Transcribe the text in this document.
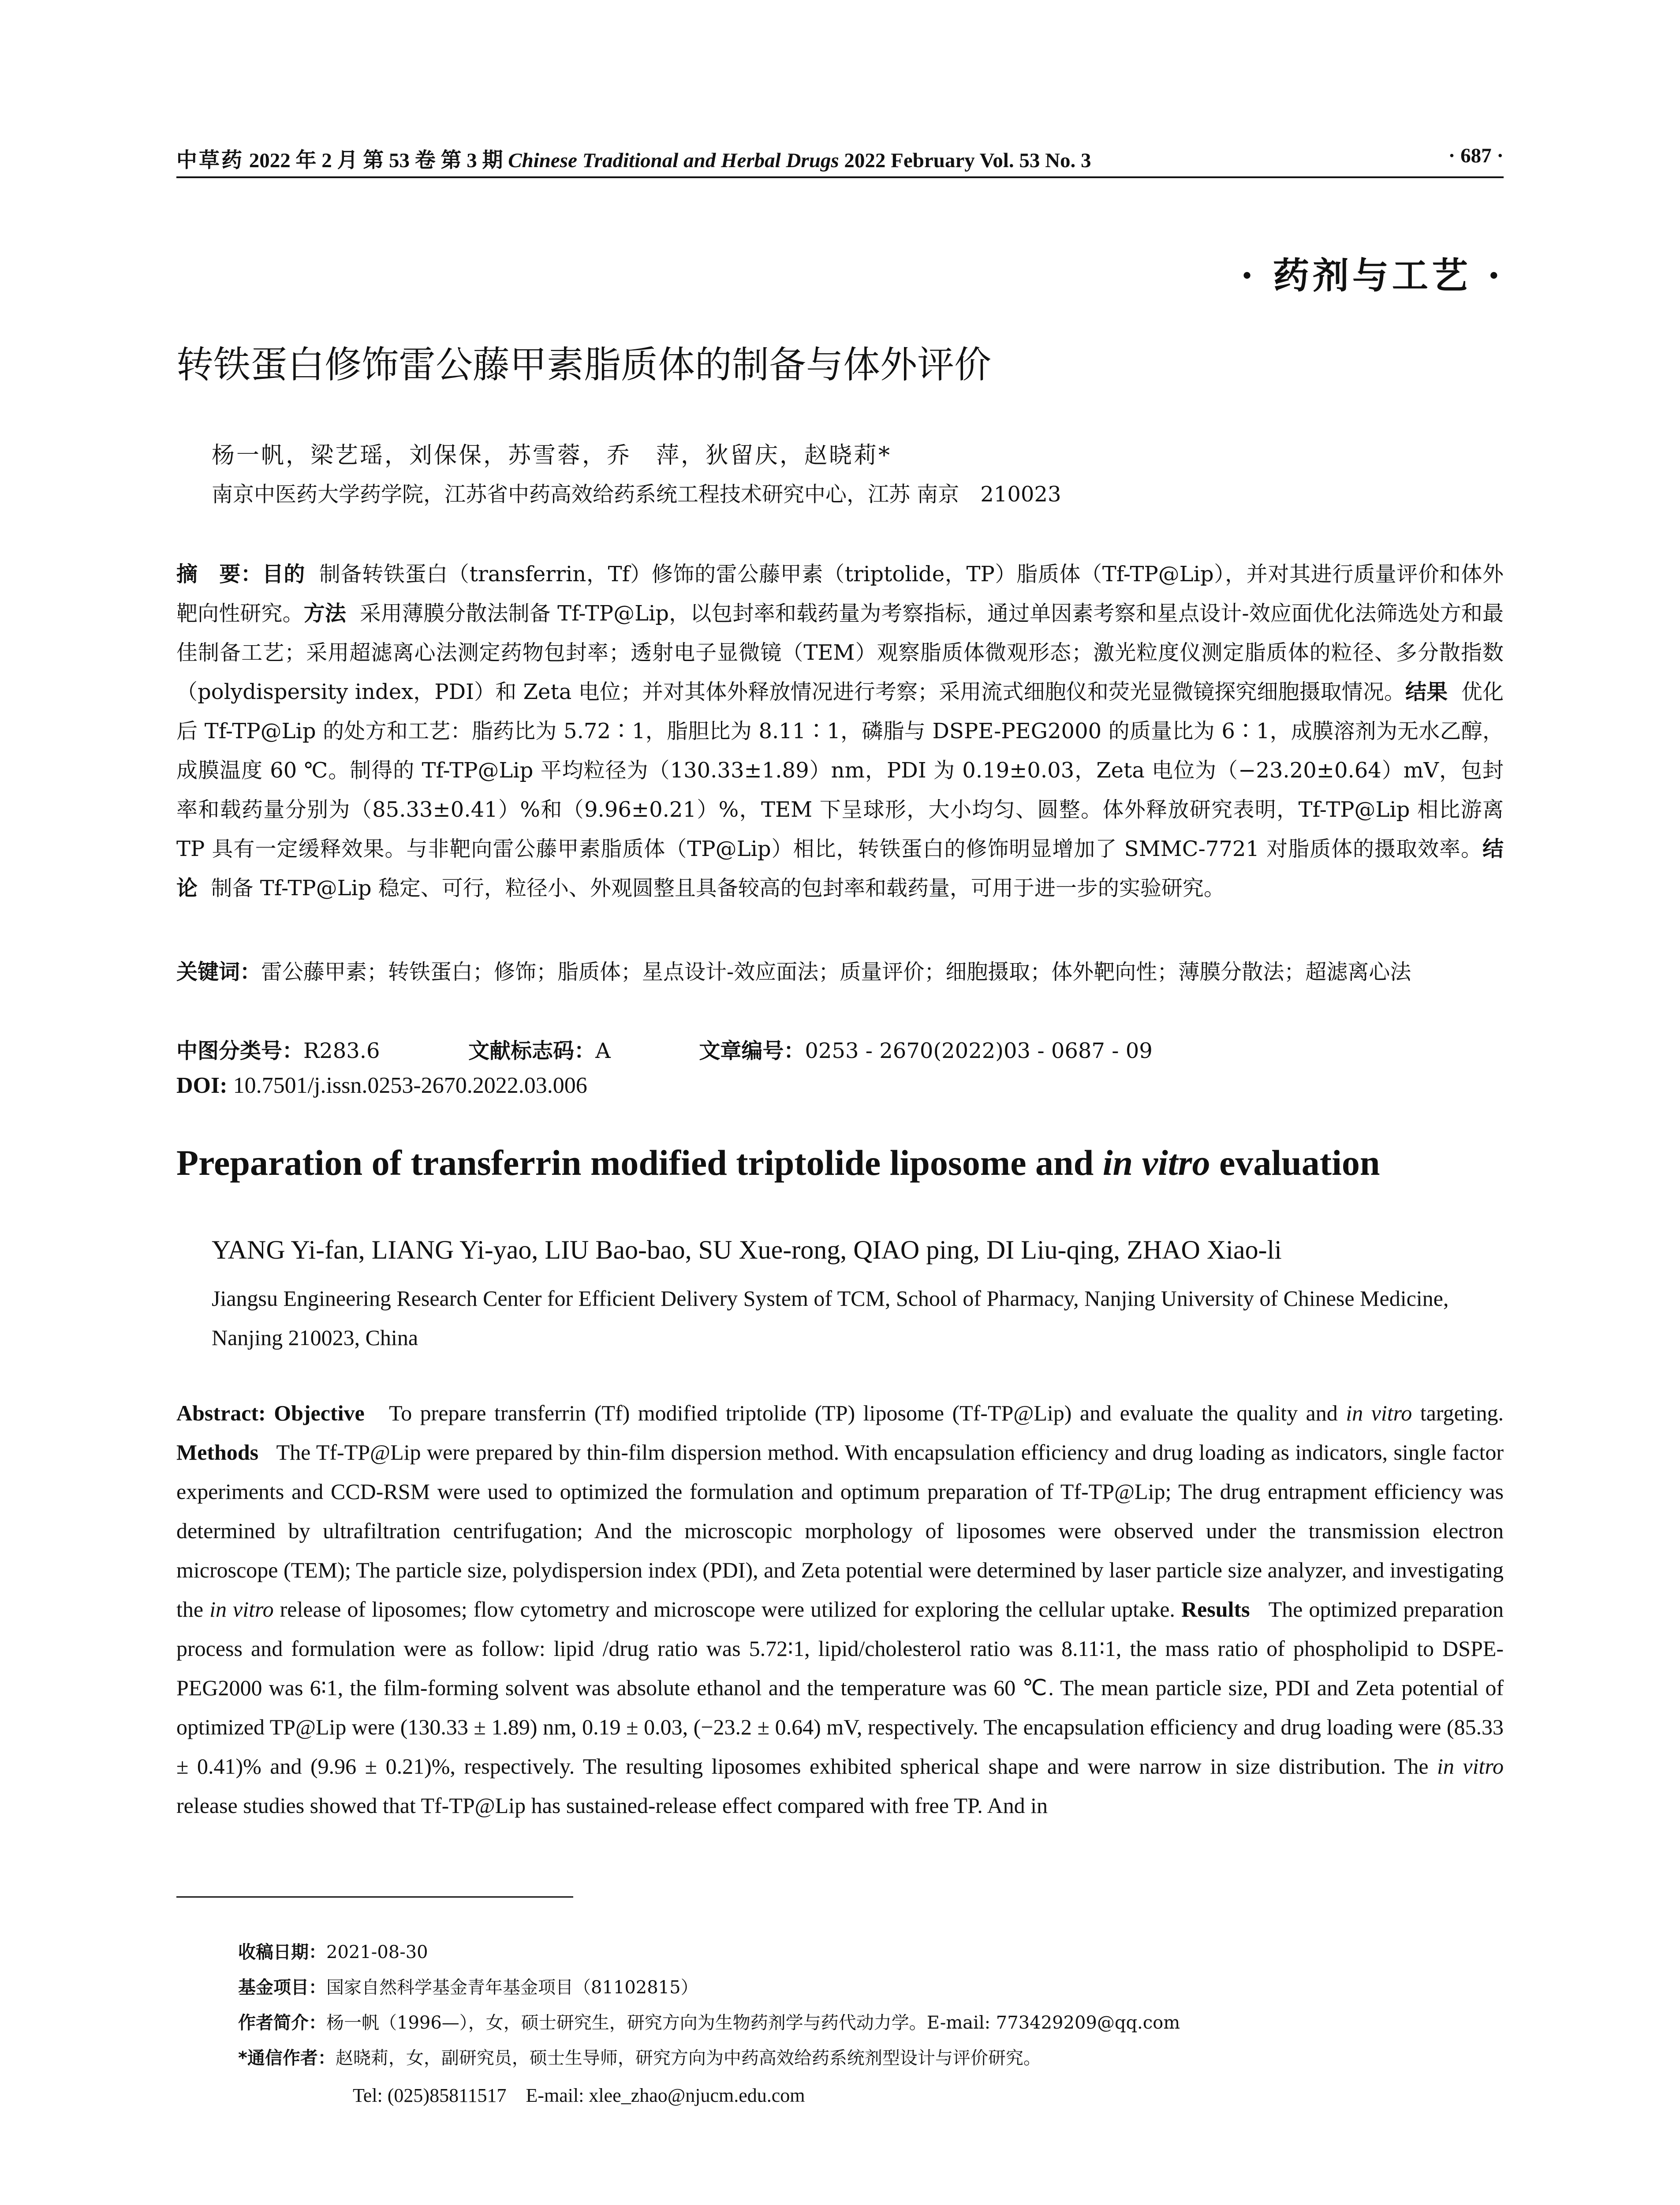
中草药 2022 年 2 月 第 53 卷 第 3 期 Chinese Traditional and Herbal Drugs 2022 February Vol. 53 No. 3	· 687 ·
· 药剂与工艺 ·
转铁蛋白修饰雷公藤甲素脂质体的制备与体外评价
杨一帆，梁艺瑶，刘保保，苏雪蓉，乔　萍，狄留庆，赵晓莉*
南京中医药大学药学院，江苏省中药高效给药系统工程技术研究中心，江苏 南京　210023

摘　要：目的 制备转铁蛋白（transferrin，Tf）修饰的雷公藤甲素（triptolide，TP）脂质体（Tf-TP@Lip），并对其进行质量评价和体外靶向性研究。方法 采用薄膜分散法制备 Tf-TP@Lip，以包封率和载药量为考察指标，通过单因素考察和星点设计-效应面优化法筛选处方和最佳制备工艺；采用超滤离心法测定药物包封率；透射电子显微镜（TEM）观察脂质体微观形态；激光粒度仪测定脂质体的粒径、多分散指数（polydispersity index，PDI）和 Zeta 电位；并对其体外释放情况进行考察；采用流式细胞仪和荧光显微镜探究细胞摄取情况。结果 优化后 Tf-TP@Lip 的处方和工艺：脂药比为 5.72∶1，脂胆比为 8.11∶1，磷脂与 DSPE-PEG2000 的质量比为 6∶1，成膜溶剂为无水乙醇，成膜温度 60 ℃。制得的 Tf-TP@Lip 平均粒径为（130.33±1.89）nm，PDI 为 0.19±0.03，Zeta 电位为（−23.20±0.64）mV，包封率和载药量分别为（85.33±0.41）%和（9.96±0.21）%，TEM 下呈球形，大小均匀、圆整。体外释放研究表明，Tf-TP@Lip 相比游离 TP 具有一定缓释效果。与非靶向雷公藤甲素脂质体（TP@Lip）相比，转铁蛋白的修饰明显增加了 SMMC-7721 对脂质体的摄取效率。结论 制备 Tf-TP@Lip 稳定、可行，粒径小、外观圆整且具备较高的包封率和载药量，可用于进一步的实验研究。

关键词：雷公藤甲素；转铁蛋白；修饰；脂质体；星点设计-效应面法；质量评价；细胞摄取；体外靶向性；薄膜分散法；超滤离心法

中图分类号：R283.6	文献标志码：A	文章编号：0253 - 2670(2022)03 - 0687 - 09
DOI: 10.7501/j.issn.0253-2670.2022.03.006
Preparation of transferrin modified triptolide liposome and in vitro evaluation
YANG Yi-fan, LIANG Yi-yao, LIU Bao-bao, SU Xue-rong, QIAO ping, DI Liu-qing, ZHAO Xiao-li

Jiangsu Engineering Research Center for Efficient Delivery System of TCM, School of Pharmacy, Nanjing University of Chinese Medicine, Nanjing 210023, China

Abstract: Objective To prepare transferrin (Tf) modified triptolide (TP) liposome (Tf-TP@Lip) and evaluate the quality and in vitro targeting. Methods The Tf-TP@Lip were prepared by thin-film dispersion method. With encapsulation efficiency and drug loading as indicators, single factor experiments and CCD-RSM were used to optimized the formulation and optimum preparation of Tf-TP@Lip; The drug entrapment efficiency was determined by ultrafiltration centrifugation; And the microscopic morphology of liposomes were observed under the transmission electron microscope (TEM); The particle size, polydispersion index (PDI), and Zeta potential were determined by laser particle size analyzer, and investigating the in vitro release of liposomes; flow cytometry and microscope were utilized for exploring the cellular uptake. Results The optimized preparation process and formulation were as follow: lipid /drug ratio was 5.72∶1, lipid/cholesterol ratio was 8.11∶1, the mass ratio of phospholipid to DSPE-PEG2000 was 6∶1, the film-forming solvent was absolute ethanol and the temperature was 60 ℃. The mean particle size, PDI and Zeta potential of optimized TP@Lip were (130.33 ± 1.89) nm, 0.19 ± 0.03, (−23.2 ± 0.64) mV, respectively. The encapsulation efficiency and drug loading were (85.33 ± 0.41)% and (9.96 ± 0.21)%, respectively. The resulting liposomes exhibited spherical shape and were narrow in size distribution. The in vitro release studies showed that Tf-TP@Lip has sustained-release effect compared with free TP. And in

收稿日期：2021-08-30
基金项目：国家自然科学基金青年基金项目（81102815）
作者简介：杨一帆（1996—），女，硕士研究生，研究方向为生物药剂学与药代动力学。E-mail: 773429209@qq.com
*通信作者：赵晓莉，女，副研究员，硕士生导师，研究方向为中药高效给药系统剂型设计与评价研究。
Tel: (025)85811517　E-mail: xlee_zhao@njucm.edu.com
